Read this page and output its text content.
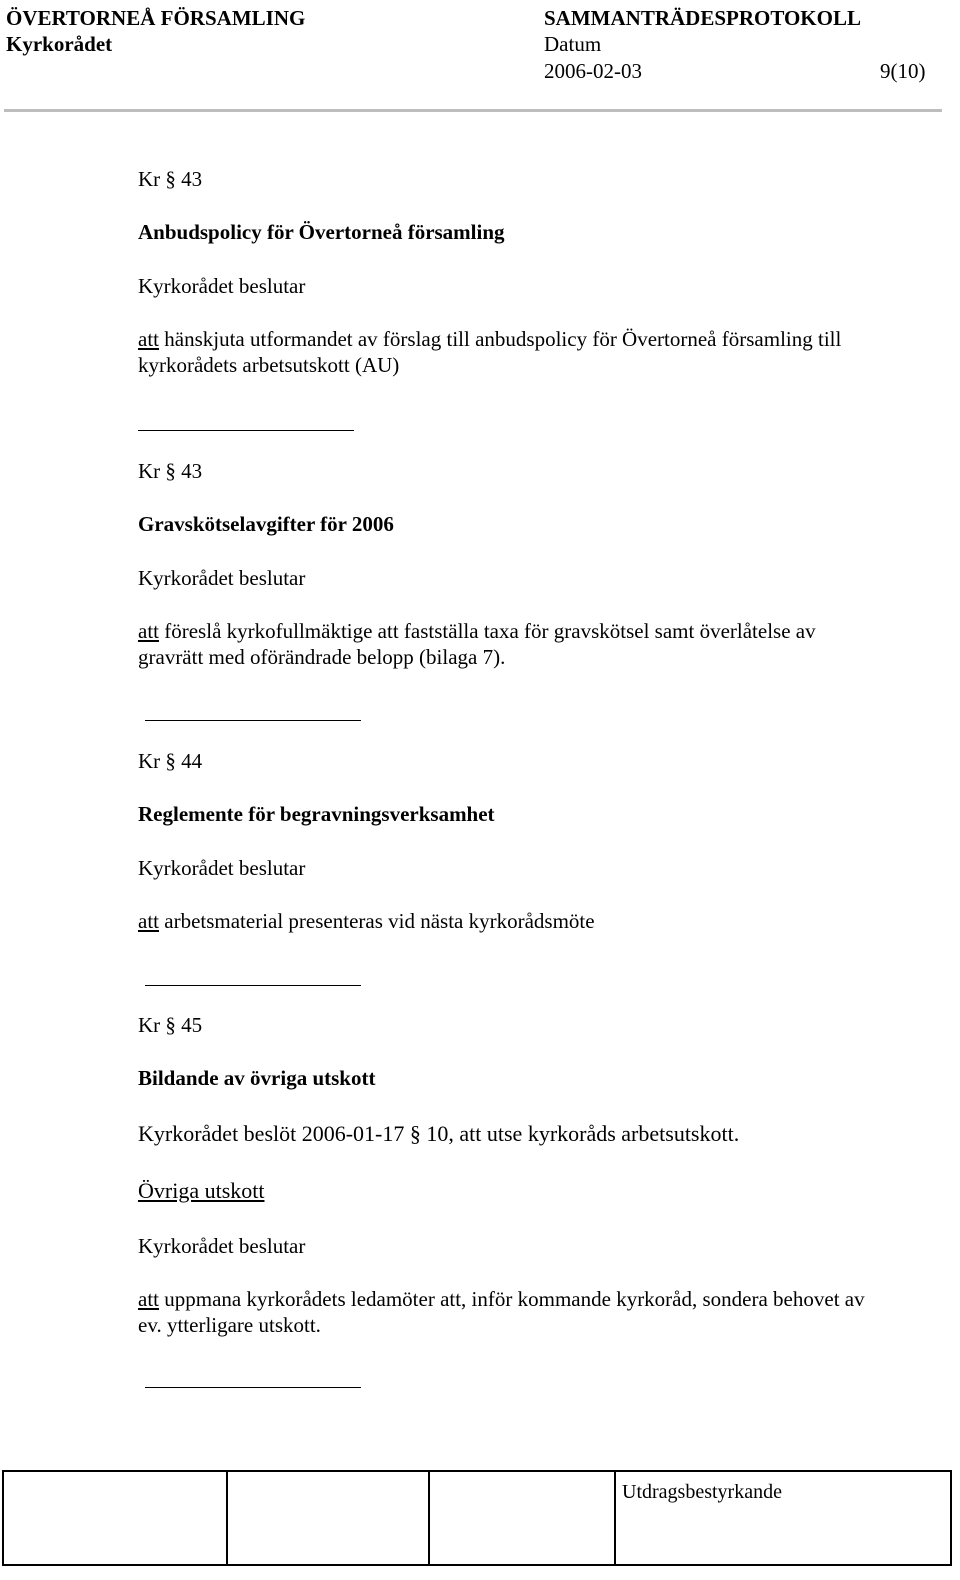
ÖVERTORNEÅ FÖRSAMLING
Kyrkorådet
SAMMANTRÄDESPROTOKOLL
Datum
2006-02-03	9(10)
Kr § 43
Anbudspolicy för Övertorneå församling
Kyrkorådet beslutar
att hänskjuta utformandet av förslag till anbudspolicy för Övertorneå församling till
kyrkorådets arbetsutskott (AU)
Kr § 43
Gravskötselavgifter för 2006
Kyrkorådet beslutar
att föreslå kyrkofullmäktige att fastställa taxa för gravskötsel samt överlåtelse av
gravrätt med oförändrade belopp (bilaga 7).
Kr § 44
Reglemente för begravningsverksamhet
Kyrkorådet beslutar
att arbetsmaterial presenteras vid nästa kyrkorådsmöte
Kr § 45
Bildande av övriga utskott
Kyrkorådet beslöt 2006-01-17 § 10, att utse kyrkoråds arbetsutskott.
Övriga utskott
Kyrkorådet beslutar
att uppmana kyrkorådets ledamöter att, inför kommande kyrkoråd, sondera behovet av
ev. ytterligare utskott.

Utdragsbestyrkande
